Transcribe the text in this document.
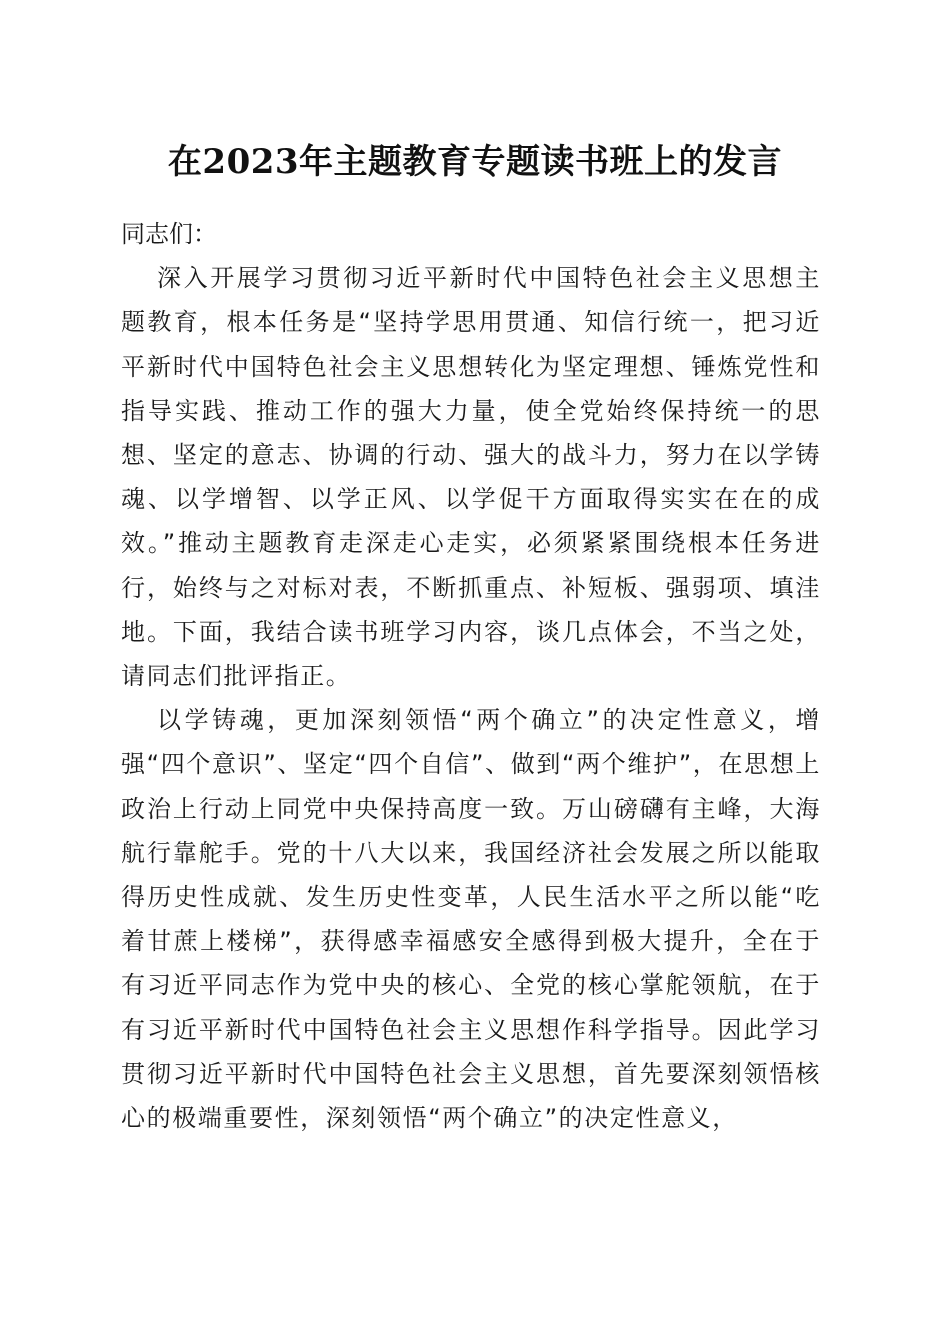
在2023年主题教育专题读书班上的发言

同志们：

深入开展学习贯彻习近平新时代中国特色社会主义思想主题教育，根本任务是“坚持学思用贯通、知信行统一，把习近平新时代中国特色社会主义思想转化为坚定理想、锤炼党性和指导实践、推动工作的强大力量，使全党始终保持统一的思想、坚定的意志、协调的行动、强大的战斗力，努力在以学铸魂、以学增智、以学正风、以学促干方面取得实实在在的成效。”推动主题教育走深走心走实，必须紧紧围绕根本任务进行，始终与之对标对表，不断抓重点、补短板、强弱项、填洼地。下面，我结合读书班学习内容，谈几点体会，不当之处，请同志们批评指正。

以学铸魂，更加深刻领悟“两个确立”的决定性意义，增强“四个意识”、坚定“四个自信”、做到“两个维护”，在思想上政治上行动上同党中央保持高度一致。万山磅礴有主峰，大海航行靠舵手。党的十八大以来，我国经济社会发展之所以能取得历史性成就、发生历史性变革，人民生活水平之所以能“吃着甘蔗上楼梯”，获得感幸福感安全感得到极大提升，全在于有习近平同志作为党中央的核心、全党的核心掌舵领航，在于有习近平新时代中国特色社会主义思想作科学指导。因此学习贯彻习近平新时代中国特色社会主义思想，首先要深刻领悟核心的极端重要性，深刻领悟“两个确立”的决定性意义，
